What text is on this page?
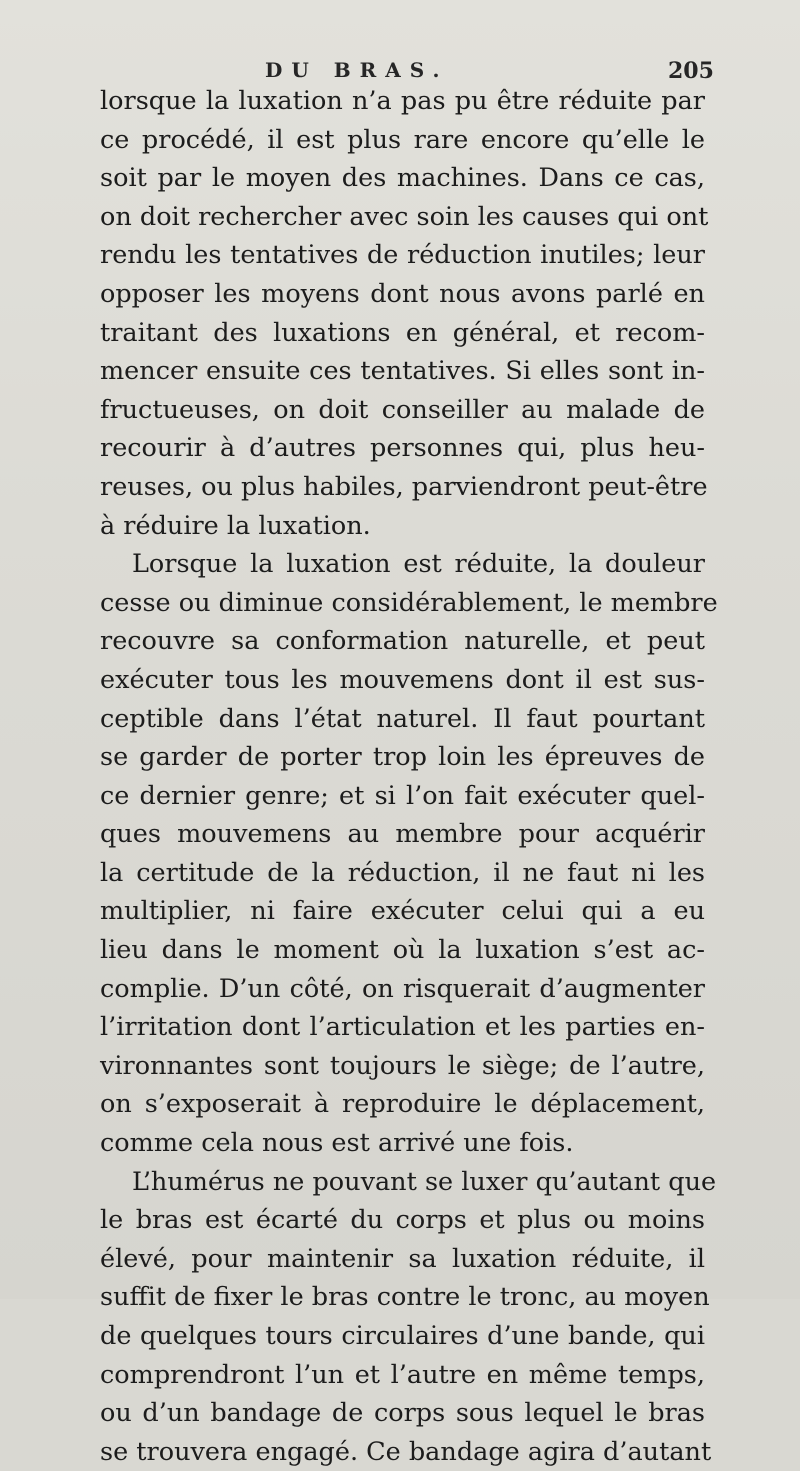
DU BRAS.	205
lorsque la luxation n’a pas pu être réduite par
ce procédé, il est plus rare encore qu’elle le
soit par le moyen des machines. Dans ce cas,
on doit rechercher avec soin les causes qui ont
rendu les tentatives de réduction inutiles; leur
opposer les moyens dont nous avons parlé en
traitant des luxations en général, et recom-
mencer ensuite ces tentatives. Si elles sont in-
fructueuses, on doit conseiller au malade de
recourir à d’autres personnes qui, plus heu-
reuses, ou plus habiles, parviendront peut-être
à réduire la luxation.
Lorsque la luxation est réduite, la douleur
cesse ou diminue considérablement, le membre
recouvre sa conformation naturelle, et peut
exécuter tous les mouvemens dont il est sus-
ceptible dans l’état naturel. Il faut pourtant
se garder de porter trop loin les épreuves de
ce dernier genre; et si l’on fait exécuter quel-
ques mouvemens au membre pour acquérir
la certitude de la réduction, il ne faut ni les
multiplier, ni faire exécuter celui qui a eu
lieu dans le moment où la luxation s’est ac-
complie. D’un côté, on risquerait d’augmenter
l’irritation dont l’articulation et les parties en-
vironnantes sont toujours le siège; de l’autre,
on s’exposerait à reproduire le déplacement,
comme cela nous est arrivé une fois.
L’humérus ne pouvant se luxer qu’autant que
le bras est écarté du corps et plus ou moins
élevé, pour maintenir sa luxation réduite, il
suffit de fixer le bras contre le tronc, au moyen
de quelques tours circulaires d’une bande, qui
comprendront l’un et l’autre en même temps,
ou d’un bandage de corps sous lequel le bras
se trouvera engagé. Ce bandage agira d’autant
